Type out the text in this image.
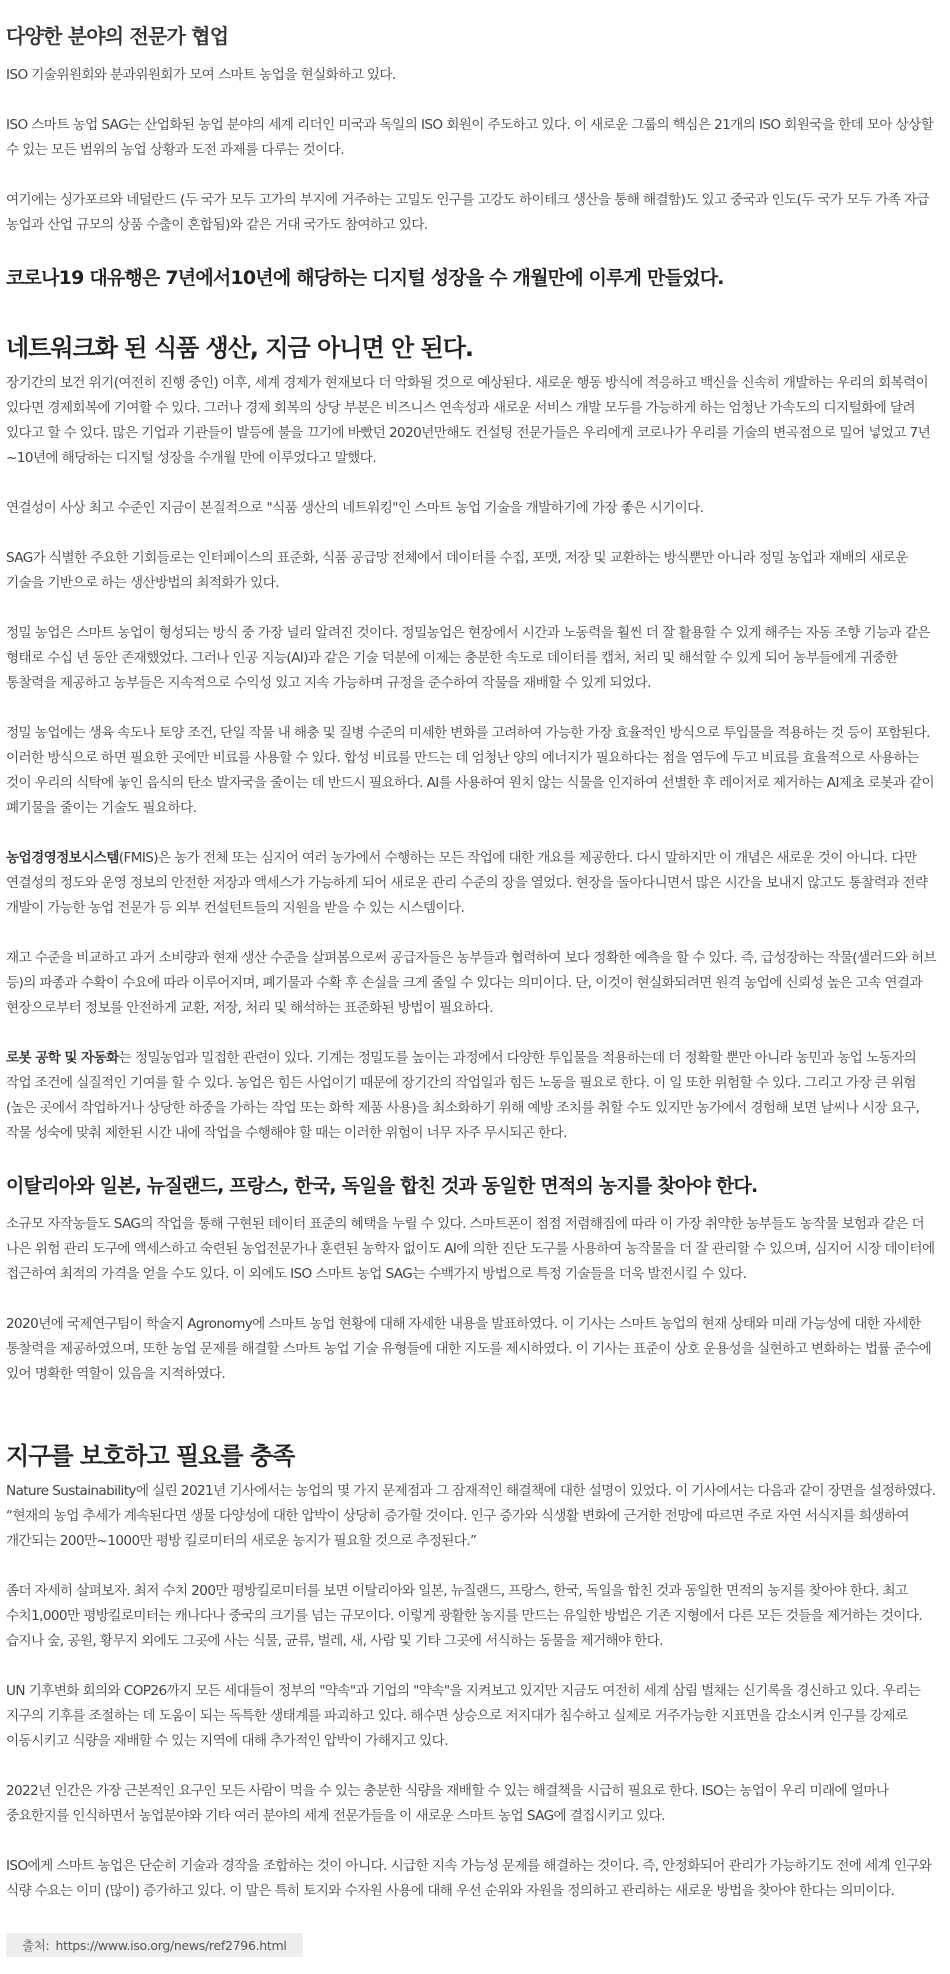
다양한 분야의 전문가 협업

ISO 기술위원회와 분과위원회가 모여 스마트 농업을 현실화하고 있다.

ISO 스마트 농업 SAG는 산업화된 농업 분야의 세계 리더인 미국과 독일의 ISO 회원이 주도하고 있다. 이 새로운 그룹의 핵심은 21개의 ISO 회원국을 한데 모아 상상할 수 있는 모든 범위의 농업 상황과 도전 과제를 다루는 것이다.

여기에는 싱가포르와 네덜란드 (두 국가 모두 고가의 부지에 거주하는 고밀도 인구를 고강도 하이테크 생산을 통해 해결함)도 있고 중국과 인도(두 국가 모두 가족 자급 농업과 산업 규모의 상품 수출이 혼합됨)와 같은 거대 국가도 참여하고 있다.

코로나19 대유행은 7년에서10년에 해당하는 디지털 성장을 수 개월만에 이루게 만들었다.
네트워크화 된 식품 생산, 지금 아니면 안 된다.

장기간의 보건 위기(여전히 진행 중인) 이후, 세계 경제가 현재보다 더 악화될 것으로 예상된다. 새로운 행동 방식에 적응하고 백신을 신속히 개발하는 우리의 회복력이 있다면 경제회복에 기여할 수 있다. 그러나 경제 회복의 상당 부분은 비즈니스 연속성과 새로운 서비스 개발 모두를 가능하게 하는 엄청난 가속도의 디지털화에 달려 있다고 할 수 있다. 많은 기업과 기관들이 발등에 불을 끄기에 바빴던 2020년만해도 컨설팅 전문가들은 우리에게 코로나가 우리를 기술의 변곡점으로 밀어 넣었고 7년~10년에 해당하는 디지털 성장을 수개월 만에 이루었다고 말했다.

연결성이 사상 최고 수준인 지금이 본질적으로 "식품 생산의 네트워킹"인 스마트 농업 기술을 개발하기에 가장 좋은 시기이다.

SAG가 식별한 주요한 기회들로는 인터페이스의 표준화, 식품 공급망 전체에서 데이터를 수집, 포맷, 저장 및 교환하는 방식뿐만 아니라 정밀 농업과 재배의 새로운 기술을 기반으로 하는 생산방법의 최적화가 있다.

정밀 농업은 스마트 농업이 형성되는 방식 중 가장 널리 알려진 것이다. 정밀농업은 현장에서 시간과 노동력을 훨씬 더 잘 활용할 수 있게 해주는 자동 조향 기능과 같은 형태로 수십 년 동안 존재했었다. 그러나 인공 지능(AI)과 같은 기술 덕분에 이제는 충분한 속도로 데이터를 캡처, 처리 및 해석할 수 있게 되어 농부들에게 귀중한 통찰력을 제공하고 농부들은 지속적으로 수익성 있고 지속 가능하며 규정을 준수하여 작물을 재배할 수 있게 되었다.

정밀 농업에는 생육 속도나 토양 조건, 단일 작물 내 해충 및 질병 수준의 미세한 변화를 고려하여 가능한 가장 효율적인 방식으로 투입물을 적용하는 것 등이 포함된다. 이러한 방식으로 하면 필요한 곳에만 비료를 사용할 수 있다. 합성 비료를 만드는 데 엄청난 양의 에너지가 필요하다는 점을 염두에 두고 비료를 효율적으로 사용하는 것이 우리의 식탁에 놓인 음식의 탄소 발자국을 줄이는 데 반드시 필요하다. AI를 사용하여 원치 않는 식물을 인지하여 선별한 후 레이저로 제거하는 AI제초 로봇과 같이 폐기물을 줄이는 기술도 필요하다.

농업경영정보시스템(FMIS)은 농가 전체 또는 심지어 여러 농가에서 수행하는 모든 작업에 대한 개요를 제공한다. 다시 말하지만 이 개념은 새로운 것이 아니다. 다만 연결성의 정도와 운영 정보의 안전한 저장과 액세스가 가능하게 되어 새로운 관리 수준의 장을 열었다. 현장을 돌아다니면서 많은 시간을 보내지 않고도 통찰력과 전략 개발이 가능한 농업 전문가 등 외부 컨설턴트들의 지원을 받을 수 있는 시스템이다.

재고 수준을 비교하고 과거 소비량과 현재 생산 수준을 살펴봄으로써 공급자들은 농부들과 협력하여 보다 정확한 예측을 할 수 있다. 즉, 급성장하는 작물(샐러드와 허브 등)의 파종과 수확이 수요에 따라 이루어지며, 폐기물과 수확 후 손실을 크게 줄일 수 있다는 의미이다. 단, 이것이 현실화되려면 원격 농업에 신뢰성 높은 고속 연결과 현장으로부터 정보를 안전하게 교환, 저장, 처리 및 해석하는 표준화된 방법이 필요하다.

로봇 공학 및 자동화는 정밀농업과 밀접한 관련이 있다. 기계는 정밀도를 높이는 과정에서 다양한 투입물을 적용하는데 더 정확할 뿐만 아니라 농민과 농업 노동자의 작업 조건에 실질적인 기여를 할 수 있다. 농업은 힘든 사업이기 때문에 장기간의 작업일과 힘든 노동을 필요로 한다. 이 일 또한 위험할 수 있다. 그리고 가장 큰 위험(높은 곳에서 작업하거나 상당한 하중을 가하는 작업 또는 화학 제품 사용)을 최소화하기 위해 예방 조치를 취할 수도 있지만 농가에서 경험해 보면 날씨나 시장 요구, 작물 성숙에 맞춰 제한된 시간 내에 작업을 수행해야 할 때는 이러한 위험이 너무 자주 무시되곤 한다.

이탈리아와 일본, 뉴질랜드, 프랑스, 한국, 독일을 합친 것과 동일한 면적의 농지를 찾아야 한다.

소규모 자작농들도 SAG의 작업을 통해 구현된 데이터 표준의 혜택을 누릴 수 있다. 스마트폰이 점점 저렴해짐에 따라 이 가장 취약한 농부들도 농작물 보험과 같은 더 나은 위험 관리 도구에 액세스하고 숙련된 농업전문가나 훈련된 농학자 없이도 AI에 의한 진단 도구를 사용하여 농작물을 더 잘 관리할 수 있으며, 심지어 시장 데이터에 접근하여 최적의 가격을 얻을 수도 있다. 이 외에도 ISO 스마트 농업 SAG는 수백가지 방법으로 특정 기술들을 더욱 발전시킬 수 있다.

2020년에 국제연구팀이 학술지 Agronomy에 스마트 농업 현황에 대해 자세한 내용을 발표하였다. 이 기사는 스마트 농업의 현재 상태와 미래 가능성에 대한 자세한 통찰력을 제공하였으며, 또한 농업 문제를 해결할 스마트 농업 기술 유형들에 대한 지도를 제시하였다. 이 기사는 표준이 상호 운용성을 실현하고 변화하는 법률 준수에 있어 명확한 역할이 있음을 지적하였다.

지구를 보호하고 필요를 충족

Nature Sustainability에 실린 2021년 기사에서는 농업의 몇 가지 문제점과 그 잠재적인 해결책에 대한 설명이 있었다. 이 기사에서는 다음과 같이 장면을 설정하였다. “현재의 농업 추세가 계속된다면 생물 다양성에 대한 압박이 상당히 증가할 것이다. 인구 증가와 식생활 변화에 근거한 전망에 따르면 주로 자연 서식지를 희생하여 개간되는 200만~1000만 평방 킬로미터의 새로운 농지가 필요할 것으로 추정된다.”

좀더 자세히 살펴보자. 최저 수치 200만 평방킬로미터를 보면 이탈리아와 일본, 뉴질랜드, 프랑스, 한국, 독일을 합친 것과 동일한 면적의 농지를 찾아야 한다. 최고 수치1,000만 평방킬로미터는 캐나다나 중국의 크기를 넘는 규모이다. 이렇게 광활한 농지를 만드는 유일한 방법은 기존 지형에서 다른 모든 것들을 제거하는 것이다. 습지나 숲, 공원, 황무지 외에도 그곳에 사는 식물, 균류, 벌레, 새, 사람 및 기타 그곳에 서식하는 동물을 제거해야 한다.

UN 기후변화 회의와 COP26까지 모든 세대들이 정부의 "약속"과 기업의 "약속"을 지켜보고 있지만 지금도 여전히 세계 삼림 벌채는 신기록을 경신하고 있다. 우리는 지구의 기후를 조절하는 데 도움이 되는 독특한 생태계를 파괴하고 있다. 해수면 상승으로 저지대가 침수하고 실제로 거주가능한 지표면을 감소시켜 인구를 강제로 이동시키고 식량을 재배할 수 있는 지역에 대해 추가적인 압박이 가해지고 있다.

2022년 인간은 가장 근본적인 요구인 모든 사람이 먹을 수 있는 충분한 식량을 재배할 수 있는 해결책을 시급히 필요로 한다. ISO는 농업이 우리 미래에 얼마나 중요한지를 인식하면서 농업분야와 기타 여러 분야의 세계 전문가들을 이 새로운 스마트 농업 SAG에 결집시키고 있다.

ISO에게 스마트 농업은 단순히 기술과 경작을 조합하는 것이 아니다. 시급한 지속 가능성 문제를 해결하는 것이다. 즉, 안정화되어 관리가 가능하기도 전에 세계 인구와 식량 수요는 이미 (많이) 증가하고 있다. 이 말은 특히 토지와 수자원 사용에 대해 우선 순위와 자원을 정의하고 관리하는 새로운 방법을 찾아야 한다는 의미이다.

출처: https://www.iso.org/news/ref2796.html
